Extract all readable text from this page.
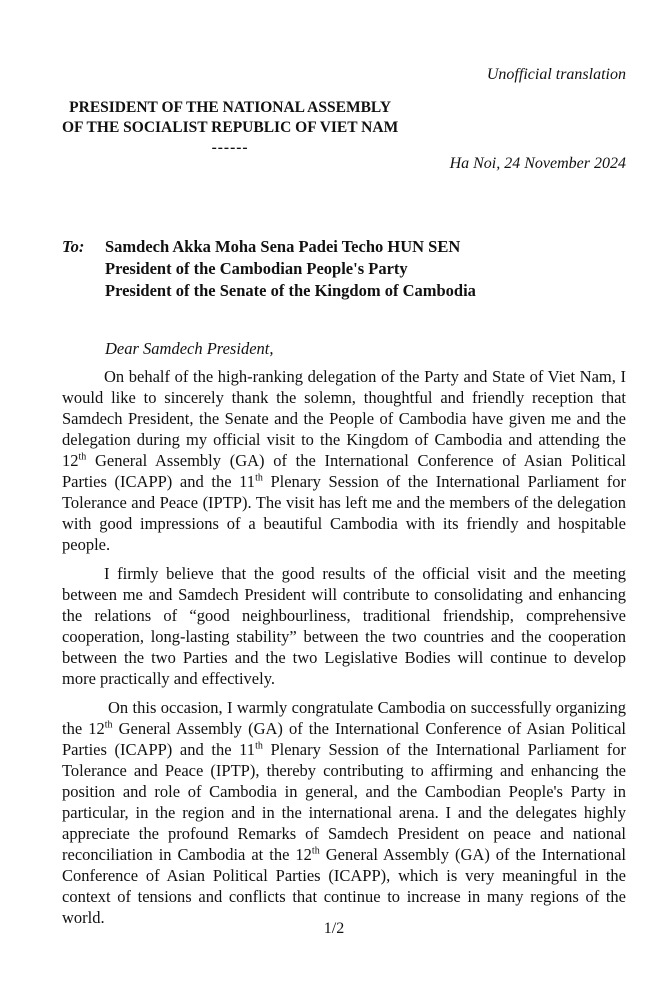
Unofficial translation
PRESIDENT OF THE NATIONAL ASSEMBLY
OF THE SOCIALIST REPUBLIC OF VIET NAM
------
Ha Noi, 24 November 2024
To: Samdech Akka Moha Sena Padei Techo HUN SEN
President of the Cambodian People's Party
President of the Senate of the Kingdom of Cambodia
Dear Samdech President,

On behalf of the high-ranking delegation of the Party and State of Viet Nam, I would like to sincerely thank the solemn, thoughtful and friendly reception that Samdech President, the Senate and the People of Cambodia have given me and the delegation during my official visit to the Kingdom of Cambodia and attending the 12th General Assembly (GA) of the International Conference of Asian Political Parties (ICAPP) and the 11th Plenary Session of the International Parliament for Tolerance and Peace (IPTP). The visit has left me and the members of the delegation with good impressions of a beautiful Cambodia with its friendly and hospitable people.

I firmly believe that the good results of the official visit and the meeting between me and Samdech President will contribute to consolidating and enhancing the relations of “good neighbourliness, traditional friendship, comprehensive cooperation, long-lasting stability” between the two countries and the cooperation between the two Parties and the two Legislative Bodies will continue to develop more practically and effectively.

On this occasion, I warmly congratulate Cambodia on successfully organizing the 12th General Assembly (GA) of the International Conference of Asian Political Parties (ICAPP) and the 11th Plenary Session of the International Parliament for Tolerance and Peace (IPTP), thereby contributing to affirming and enhancing the position and role of Cambodia in general, and the Cambodian People's Party in particular, in the region and in the international arena. I and the delegates highly appreciate the profound Remarks of Samdech President on peace and national reconciliation in Cambodia at the 12th General Assembly (GA) of the International Conference of Asian Political Parties (ICAPP), which is very meaningful in the context of tensions and conflicts that continue to increase in many regions of the world.

1/2
